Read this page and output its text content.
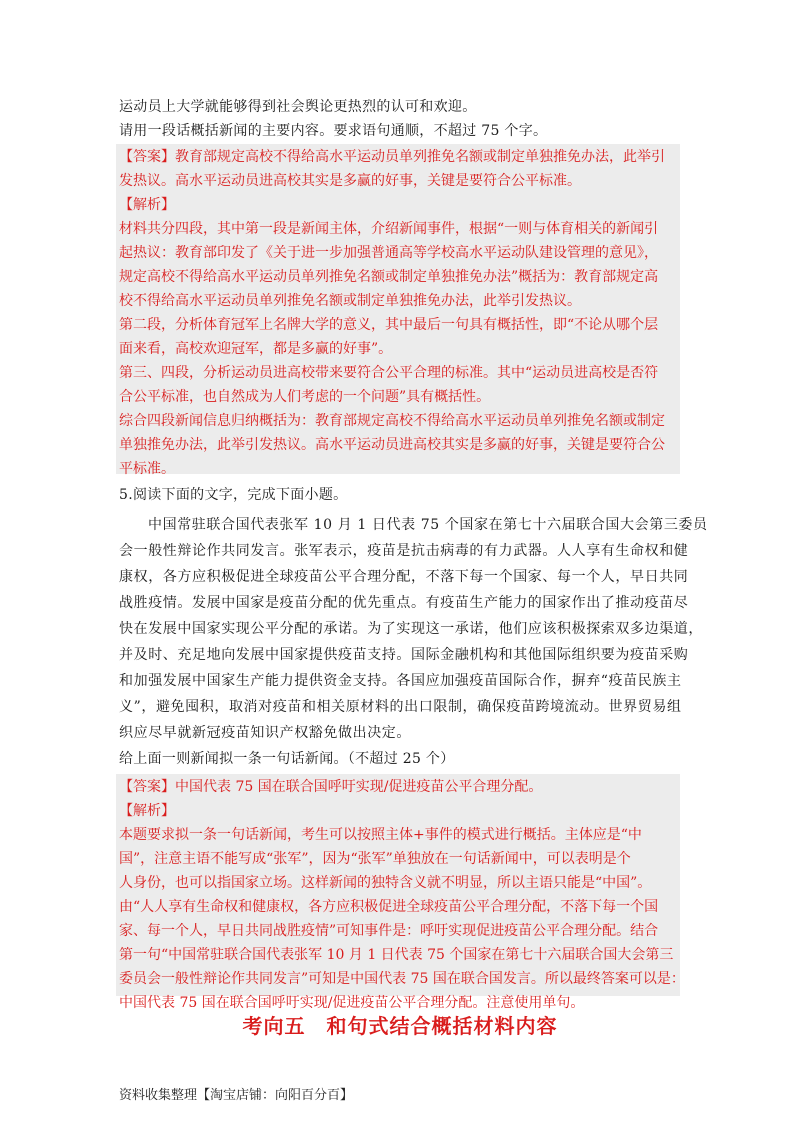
运动员上大学就能够得到社会舆论更热烈的认可和欢迎。
请用一段话概括新闻的主要内容。要求语句通顺，不超过 75 个字。
【答案】教育部规定高校不得给高水平运动员单列推免名额或制定单独推免办法，此举引
发热议。高水平运动员进高校其实是多赢的好事，关键是要符合公平标准。
【解析】
材料共分四段，其中第一段是新闻主体，介绍新闻事件，根据“一则与体育相关的新闻引
起热议：教育部印发了《关于进一步加强普通高等学校高水平运动队建设管理的意见》，
规定高校不得给高水平运动员单列推免名额或制定单独推免办法”概括为：教育部规定高
校不得给高水平运动员单列推免名额或制定单独推免办法，此举引发热议。
第二段，分析体育冠军上名牌大学的意义，其中最后一句具有概括性，即“不论从哪个层
面来看，高校欢迎冠军，都是多赢的好事”。
第三、四段，分析运动员进高校带来要符合公平合理的标准。其中“运动员进高校是否符
合公平标准，也自然成为人们考虑的一个问题”具有概括性。
综合四段新闻信息归纳概括为：教育部规定高校不得给高水平运动员单列推免名额或制定
单独推免办法，此举引发热议。高水平运动员进高校其实是多赢的好事，关键是要符合公
平标准。
5.阅读下面的文字，完成下面小题。
中国常驻联合国代表张军 10 月 1 日代表 75 个国家在第七十六届联合国大会第三委员
会一般性辩论作共同发言。张军表示，疫苗是抗击病毒的有力武器。人人享有生命权和健
康权，各方应积极促进全球疫苗公平合理分配，不落下每一个国家、每一个人，早日共同
战胜疫情。发展中国家是疫苗分配的优先重点。有疫苗生产能力的国家作出了推动疫苗尽
快在发展中国家实现公平分配的承诺。为了实现这一承诺，他们应该积极探索双多边渠道，
并及时、充足地向发展中国家提供疫苗支持。国际金融机构和其他国际组织要为疫苗采购
和加强发展中国家生产能力提供资金支持。各国应加强疫苗国际合作，摒弃“疫苗民族主
义”，避免囤积，取消对疫苗和相关原材料的出口限制，确保疫苗跨境流动。世界贸易组
织应尽早就新冠疫苗知识产权豁免做出决定。
给上面一则新闻拟一条一句话新闻。（不超过 25 个）
【答案】中国代表 75 国在联合国呼吁实现/促进疫苗公平合理分配。
【解析】
本题要求拟一条一句话新闻，考生可以按照主体+事件的模式进行概括。主体应是“中
国”，注意主语不能写成“张军”，因为“张军”单独放在一句话新闻中，可以表明是个
人身份，也可以指国家立场。这样新闻的独特含义就不明显，所以主语只能是“中国”。
由“人人享有生命权和健康权，各方应积极促进全球疫苗公平合理分配，不落下每一个国
家、每一个人，早日共同战胜疫情”可知事件是：呼吁实现促进疫苗公平合理分配。结合
第一句“中国常驻联合国代表张军 10 月 1 日代表 75 个国家在第七十六届联合国大会第三
委员会一般性辩论作共同发言”可知是中国代表 75 国在联合国发言。所以最终答案可以是：
中国代表 75 国在联合国呼吁实现/促进疫苗公平合理分配。注意使用单句。
考向五　和句式结合概括材料内容
资料收集整理【淘宝店铺：向阳百分百】
